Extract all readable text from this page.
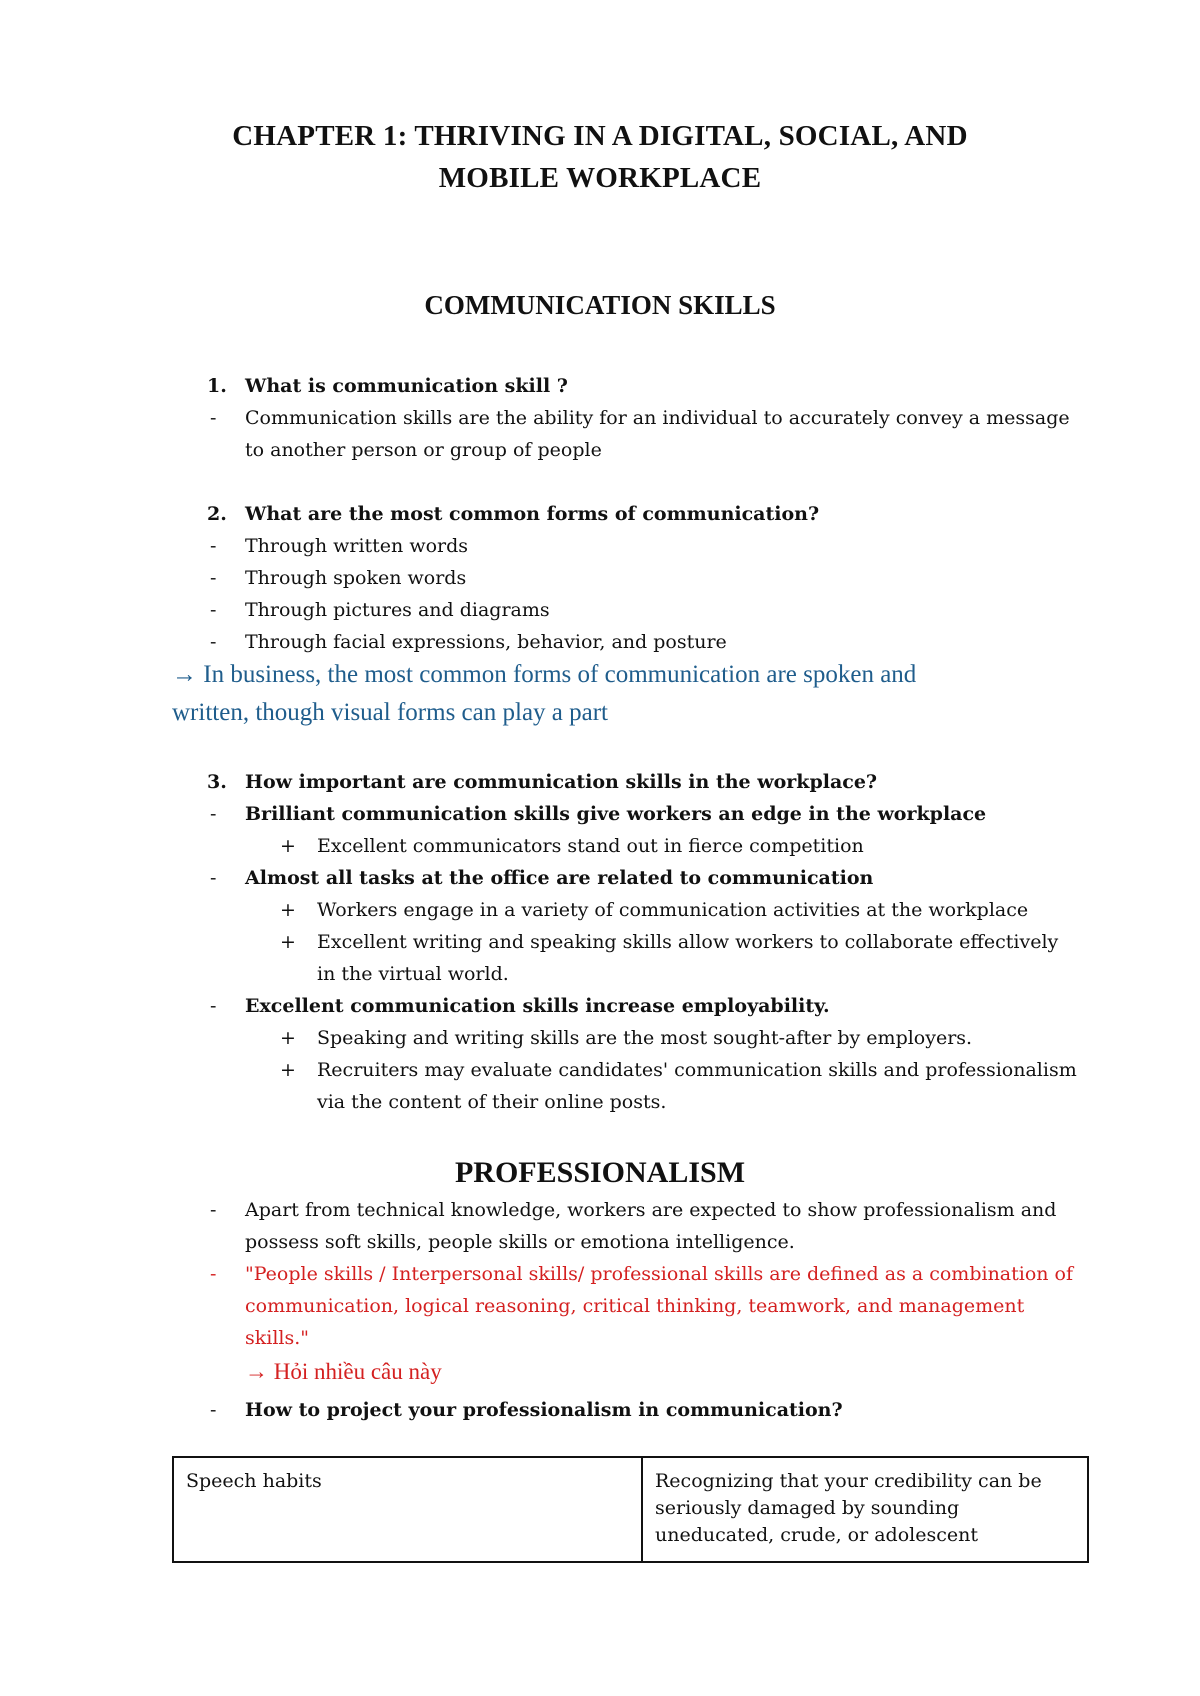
CHAPTER 1: THRIVING IN A DIGITAL, SOCIAL, AND
MOBILE WORKPLACE
COMMUNICATION SKILLS
1. What is communication skill ?

- Communication skills are the ability for an individual to accurately convey a message

to another person or group of people

2. What are the most common forms of communication?

- Through written words

- Through spoken words

- Through pictures and diagrams

- Through facial expressions, behavior, and posture

→ In business, the most common forms of communication are spoken and

written, though visual forms can play a part

3. How important are communication skills in the workplace?

- Brilliant communication skills give workers an edge in the workplace

+ Excellent communicators stand out in fierce competition

- Almost all tasks at the office are related to communication

+ Workers engage in a variety of communication activities at the workplace

+ Excellent writing and speaking skills allow workers to collaborate effectively

in the virtual world.

- Excellent communication skills increase employability.

+ Speaking and writing skills are the most sought-after by employers.

+ Recruiters may evaluate candidates' communication skills and professionalism

via the content of their online posts.

PROFESSIONALISM
- Apart from technical knowledge, workers are expected to show professionalism and

possess soft skills, people skills or emotiona intelligence.

- "People skills / Interpersonal skills/ professional skills are defined as a combination of

communication, logical reasoning, critical thinking, teamwork, and management

skills."

→ Hỏi nhiều câu này

- How to project your professionalism in communication?

Speech habits	Recognizing that your credibility can be seriously damaged by sounding uneducated, crude, or adolescent
